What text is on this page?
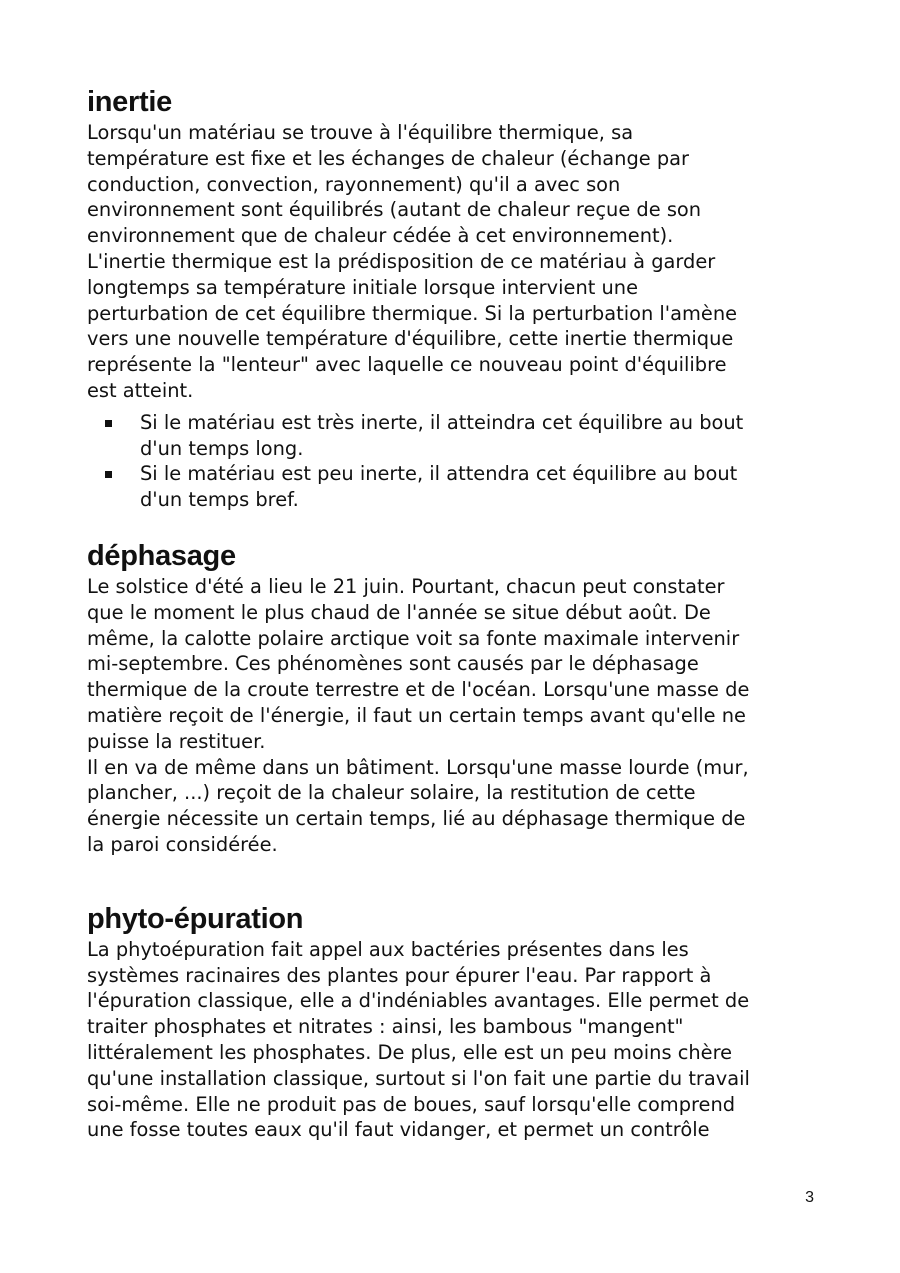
inertie

Lorsqu'un matériau se trouve à l'équilibre thermique, sa
température est fixe et les échanges de chaleur (échange par
conduction, convection, rayonnement) qu'il a avec son
environnement sont équilibrés (autant de chaleur reçue de son
environnement que de chaleur cédée à cet environnement).
L'inertie thermique est la prédisposition de ce matériau à garder
longtemps sa température initiale lorsque intervient une
perturbation de cet équilibre thermique. Si la perturbation l'amène
vers une nouvelle température d'équilibre, cette inertie thermique
représente la "lenteur" avec laquelle ce nouveau point d'équilibre
est atteint.

Si le matériau est très inerte, il atteindra cet équilibre au bout
d'un temps long.
Si le matériau est peu inerte, il attendra cet équilibre au bout
d'un temps bref.
déphasage

Le solstice d'été a lieu le 21 juin. Pourtant, chacun peut constater
que le moment le plus chaud de l'année se situe début août. De
même, la calotte polaire arctique voit sa fonte maximale intervenir
mi-septembre. Ces phénomènes sont causés par le déphasage
thermique de la croute terrestre et de l'océan. Lorsqu'une masse de
matière reçoit de l'énergie, il faut un certain temps avant qu'elle ne
puisse la restituer.
Il en va de même dans un bâtiment. Lorsqu'une masse lourde (mur,
plancher, ...) reçoit de la chaleur solaire, la restitution de cette
énergie nécessite un certain temps, lié au déphasage thermique de
la paroi considérée.

phyto-épuration

La phytoépuration fait appel aux bactéries présentes dans les
systèmes racinaires des plantes pour épurer l'eau. Par rapport à
l'épuration classique, elle a d'indéniables avantages. Elle permet de
traiter phosphates et nitrates : ainsi, les bambous "mangent"
littéralement les phosphates. De plus, elle est un peu moins chère
qu'une installation classique, surtout si l'on fait une partie du travail
soi-même. Elle ne produit pas de boues, sauf lorsqu'elle comprend
une fosse toutes eaux qu'il faut vidanger, et permet un contrôle

3
